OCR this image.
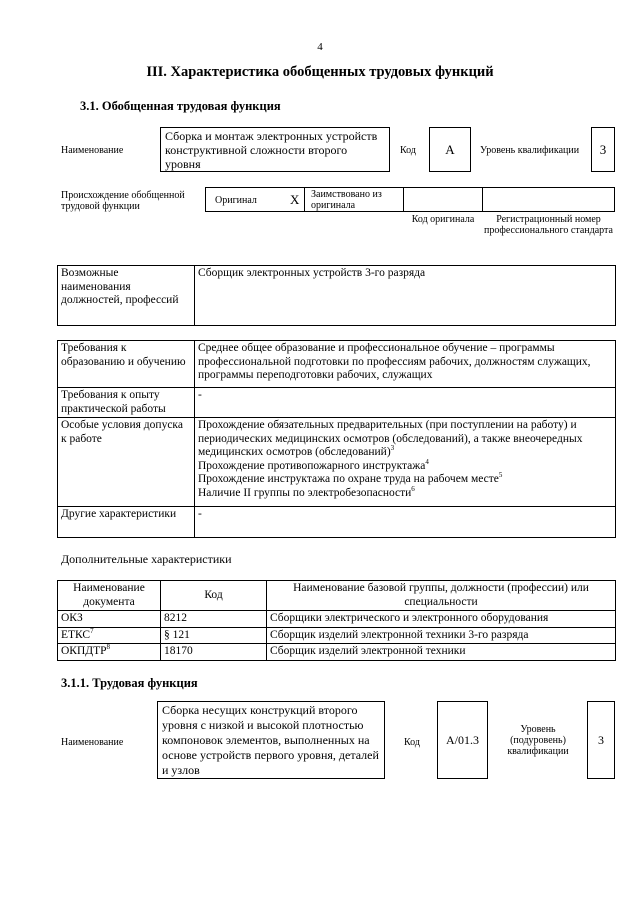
4
III. Характеристика обобщенных трудовых функций
3.1. Обобщенная трудовая функция
Наименование
Сборка и монтаж электронных устройств конструктивной сложности второго уровня
Код А	Уровень квалификации 3
Происхождение обобщенной трудовой функции
Оригинал	Х Заимствовано из оригинала
Код оригинала	Регистрационный номер профессионального стандарта
Возможные наименования должностей, профессий	Сборщик электронных устройств 3-го разряда
Требования к образованию и обучению	Среднее общее образование и профессиональное обучение – программы профессиональной подготовки по профессиям рабочих, должностям служащих, программы переподготовки рабочих, служащих
Требования к опыту практической работы	-
Особые условия допуска к работе	Прохождение обязательных предварительных (при поступлении на работу) и периодических медицинских осмотров (обследований), а также внеочередных медицинских осмотров (обследований)$^3$
Прохождение противопожарного инструктажа$^4$
Прохождение инструктажа по охране труда на рабочем месте$^5$
Наличие II группы по электробезопасности$^6$

Другие характеристики	-
Дополнительные характеристики
Наименование документа	Код	Наименование базовой группы, должности (профессии) или специальности
ОКЗ	8212	Сборщики электрического и электронного оборудования
ЕТКС$^7$	§ 121	Сборщик изделий электронной техники 3-го разряда
ОКПДТР$^8$	18170	Сборщик изделий электронной техники
3.1.1. Трудовая функция
Наименование
Сборка несущих конструкций второго уровня с низкой и высокой плотностью компоновок элементов, выполненных на основе устройств первого уровня, деталей и узлов
Код А/01.3
Уровень (подуровень) квалификации
3
